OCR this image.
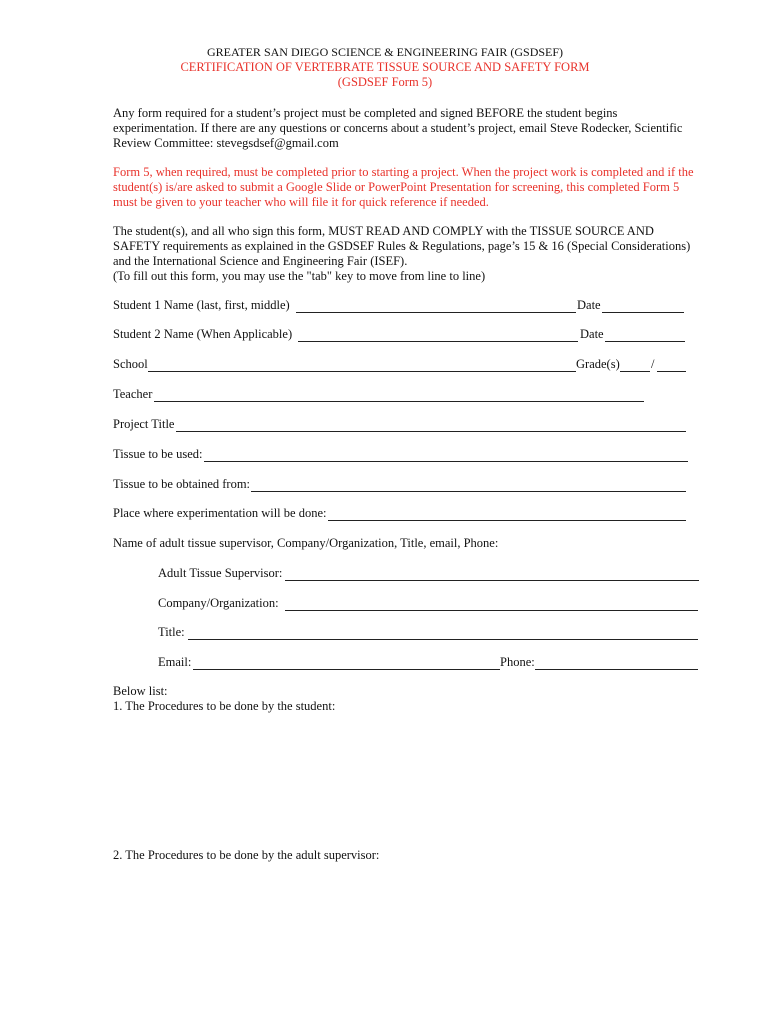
GREATER SAN DIEGO SCIENCE & ENGINEERING FAIR (GSDSEF)
CERTIFICATION OF VERTEBRATE TISSUE SOURCE AND SAFETY FORM
(GSDSEF Form 5)
Any form required for a student’s project must be completed and signed BEFORE the student begins
experimentation. If there are any questions or concerns about a student’s project, email Steve Rodecker, Scientific
Review Committee: stevegsdsef@gmail.com
Form 5, when required, must be completed prior to starting a project. When the project work is completed and if the
student(s) is/are asked to submit a Google Slide or PowerPoint Presentation for screening, this completed Form 5
must be given to your teacher who will file it for quick reference if needed.
The student(s), and all who sign this form, MUST READ AND COMPLY with the TISSUE SOURCE AND
SAFETY requirements as explained in the GSDSEF Rules & Regulations, page’s 15 & 16 (Special Considerations)
and the International Science and Engineering Fair (ISEF).
(To fill out this form, you may use the "tab" key to move from line to line)
Student 1 Name (last, first, middle)	Date
Student 2 Name (When Applicable)	Date
School	Grade(s)	/
Teacher
Project Title
Tissue to be used:
Tissue to be obtained from:
Place where experimentation will be done:
Name of adult tissue supervisor, Company/Organization, Title, email, Phone:
Adult Tissue Supervisor:
Company/Organization:
Title:
Email:	Phone:
Below list:
1. The Procedures to be done by the student:
2. The Procedures to be done by the adult supervisor:
